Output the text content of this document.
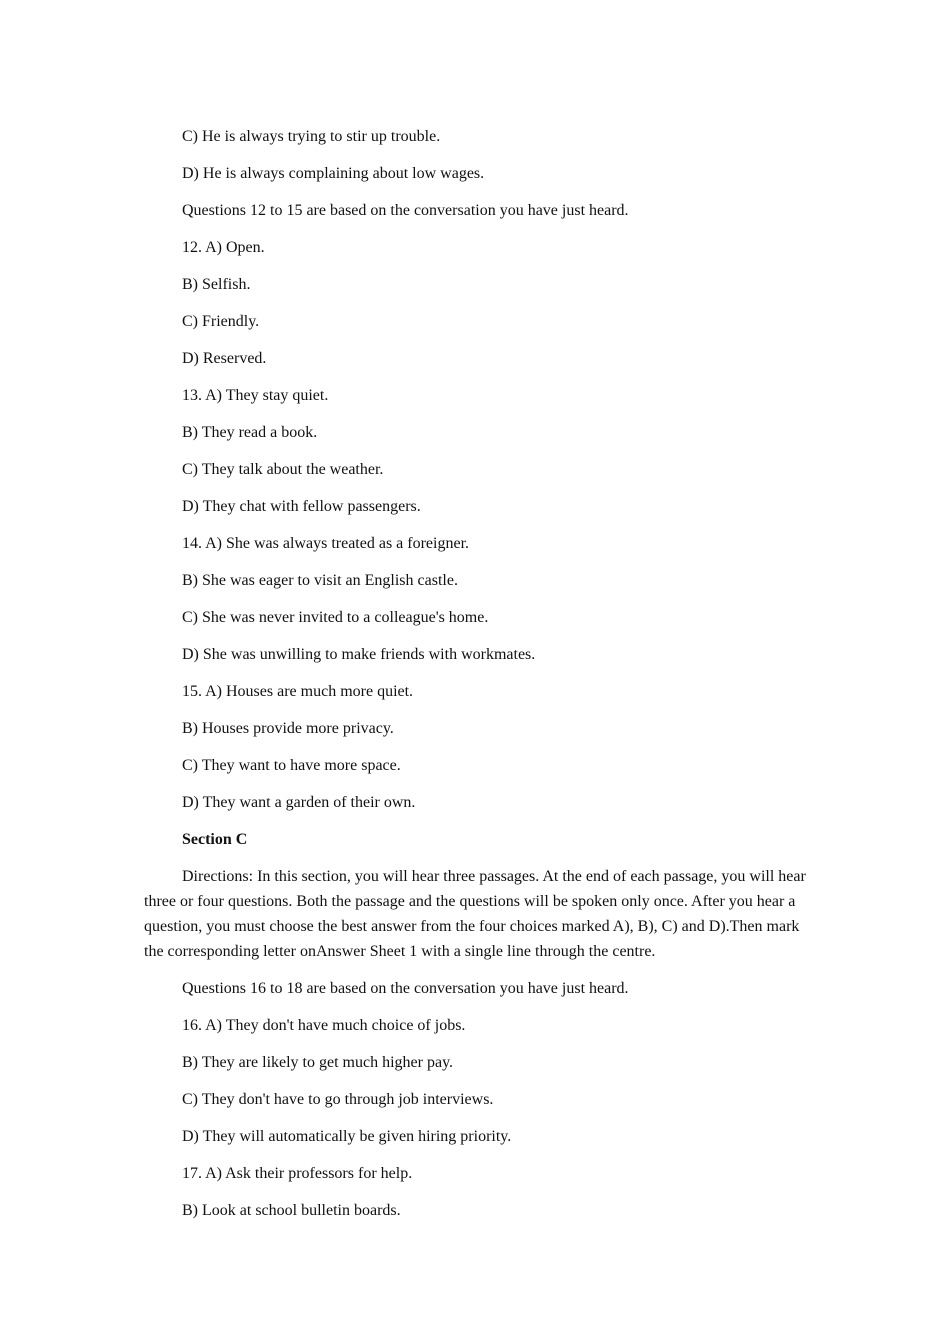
C) He is always trying to stir up trouble.

D) He is always complaining about low wages.

Questions 12 to 15 are based on the conversation you have just heard.

12. A) Open.

B) Selfish.

C) Friendly.

D) Reserved.

13. A) They stay quiet.

B) They read a book.

C) They talk about the weather.

D) They chat with fellow passengers.

14. A) She was always treated as a foreigner.

B) She was eager to visit an English castle.

C) She was never invited to a colleague's home.

D) She was unwilling to make friends with workmates.

15. A) Houses are much more quiet.

B) Houses provide more privacy.

C) They want to have more space.

D) They want a garden of their own.

Section C

Directions: In this section, you will hear three passages. At the end of each passage, you will hear three or four questions. Both the passage and the questions will be spoken only once. After you hear a question, you must choose the best answer from the four choices marked A), B), C) and D).Then mark the corresponding letter onAnswer Sheet 1 with a single line through the centre.

Questions 16 to 18 are based on the conversation you have just heard.

16. A) They don't have much choice of jobs.

B) They are likely to get much higher pay.

C) They don't have to go through job interviews.

D) They will automatically be given hiring priority.

17. A) Ask their professors for help.

B) Look at school bulletin boards.
